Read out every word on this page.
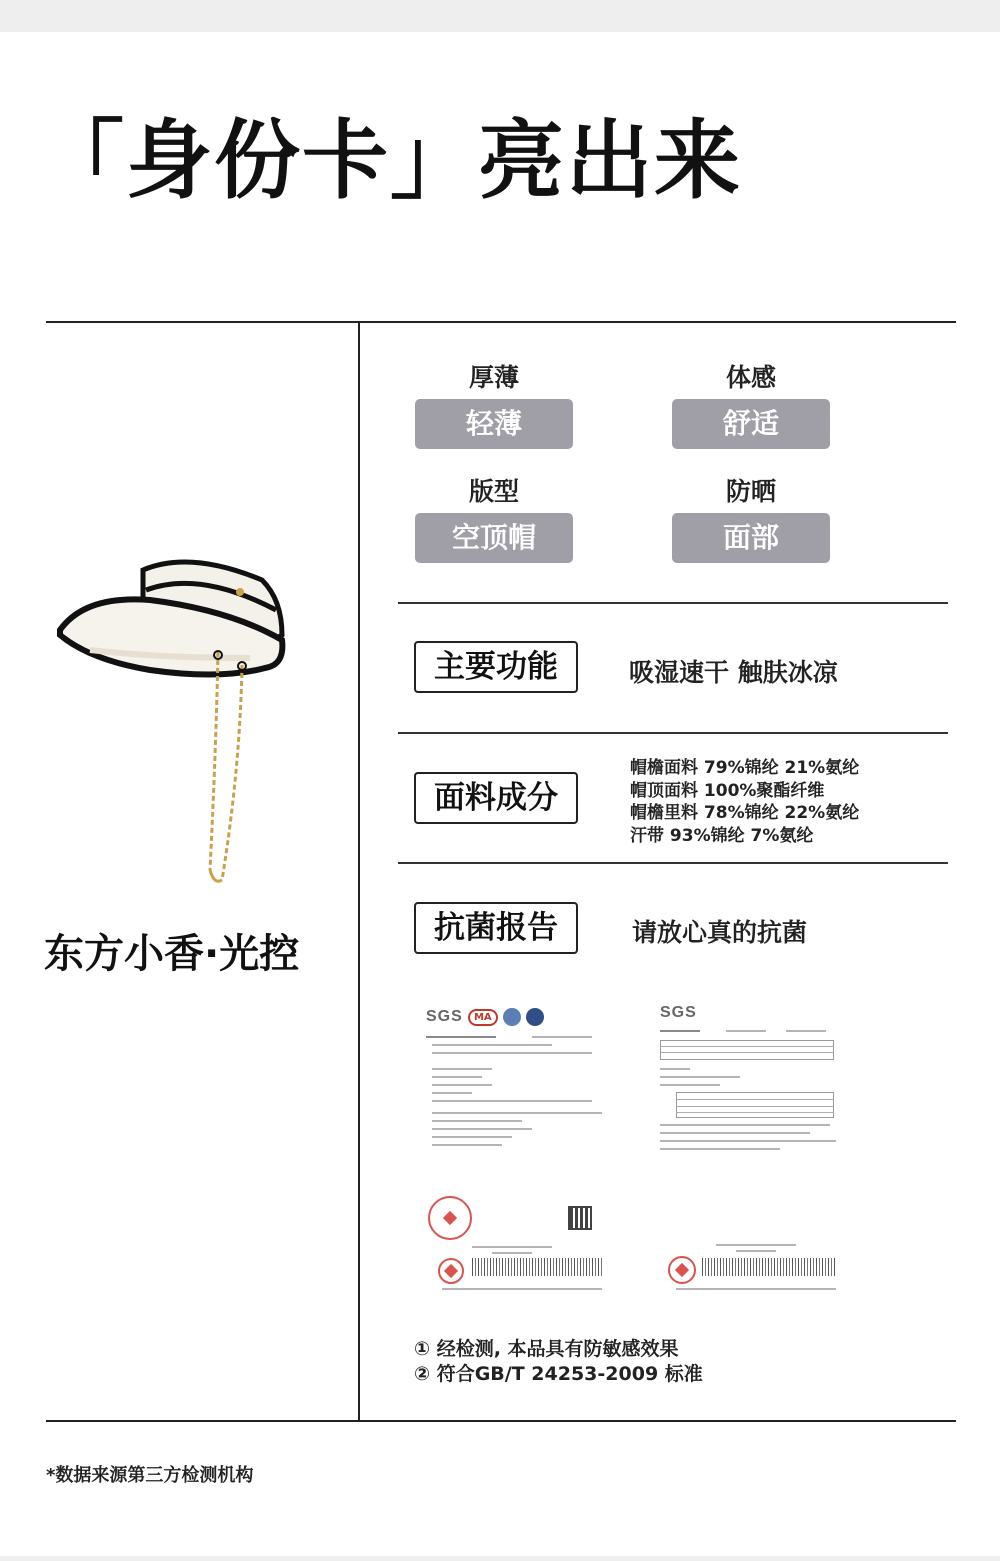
「身份卡」亮出来
东方小香·光控
厚薄
轻薄
体感
舒适
版型
空顶帽
防晒
面部
主要功能	吸湿速干 触肤冰凉
面料成分
帽檐面料 79%锦纶 21%氨纶
帽顶面料 100%聚酯纤维
帽檐里料 78%锦纶 22%氨纶
汗带 93%锦纶 7%氨纶
抗菌报告	请放心真的抗菌
SGS	MA	SGS
① 经检测, 本品具有防敏感效果
② 符合GB/T 24253-2009 标准
*数据来源第三方检测机构
